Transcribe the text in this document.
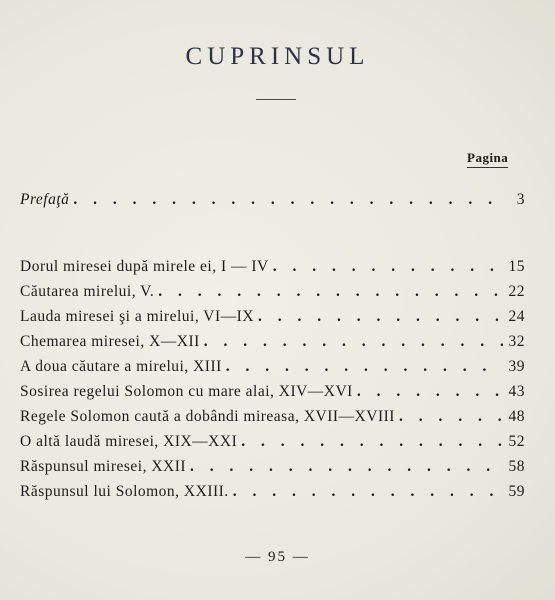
CUPRINSUL
Pagina
Prefaţă . . .	3
Dorul miresei după mirele ei, I — IV . . .	15
Căutarea mirelui, V. . . .	22
Lauda miresei şi a mirelui, VI—IX . . .	24
Chemarea miresei, X—XII . . .	32
A doua căutare a mirelui, XIII . . .	39
Sosirea regelui Solomon cu mare alai, XIV—XVI . . .	43
Regele Solomon caută a dobândi mireasa, XVII—XVIII . . .	48
O altă laudă miresei, XIX—XXI . . .	52
Răspunsul miresei, XXII . . .	58
Răspunsul lui Solomon, XXIII. . . .	59
— 95 —
